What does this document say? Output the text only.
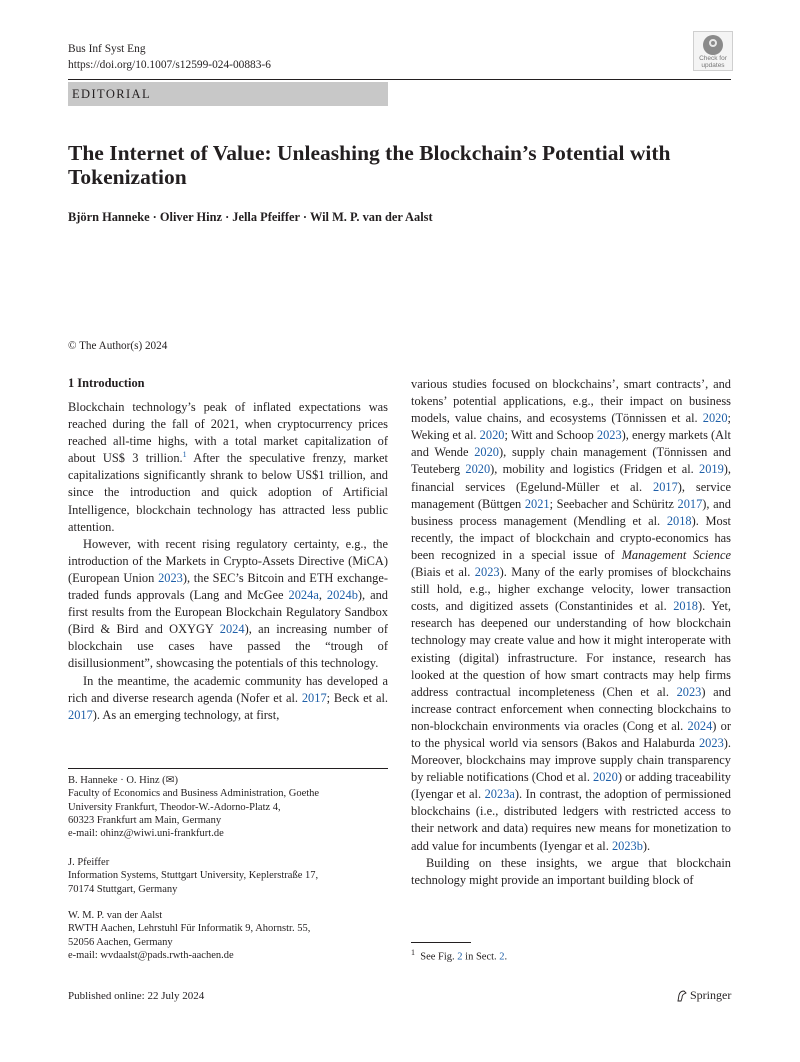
Bus Inf Syst Eng
https://doi.org/10.1007/s12599-024-00883-6	Check for
updates
EDITORIAL
The Internet of Value: Unleashing the Blockchain’s Potential with Tokenization
Björn Hanneke · Oliver Hinz · Jella Pfeiffer · Wil M. P. van der Aalst
© The Author(s) 2024
1 Introduction

Blockchain technology’s peak of inflated expectations was reached during the fall of 2021, when cryptocurrency prices reached all-time highs, with a total market capitalization of about US$ 3 trillion.$^1$ After the speculative frenzy, market capitalizations significantly shrank to below US$1 trillion, and since the introduction and quick adoption of Artificial Intelligence, blockchain technology has attracted less public attention.

However, with recent rising regulatory certainty, e.g., the introduction of the Markets in Crypto-Assets Directive (MiCA) (European Union 2023), the SEC’s Bitcoin and ETH exchange-traded funds approvals (Lang and McGee 2024a, 2024b), and first results from the European Blockchain Regulatory Sandbox (Bird & Bird and OXYGY 2024), an increasing number of blockchain use cases have passed the “trough of disillusionment”, showcasing the potentials of this technology.

In the meantime, the academic community has developed a rich and diverse research agenda (Nofer et al. 2017; Beck et al. 2017). As an emerging technology, at first,

B. Hanneke · O. Hinz (✉)
Faculty of Economics and Business Administration, Goethe
University Frankfurt, Theodor-W.-Adorno-Platz 4,
60323 Frankfurt am Main, Germany
e-mail: ohinz@wiwi.uni-frankfurt.de
J. Pfeiffer
Information Systems, Stuttgart University, Keplerstraße 17,
70174 Stuttgart, Germany
W. M. P. van der Aalst
RWTH Aachen, Lehrstuhl Für Informatik 9, Ahornstr. 55,
52056 Aachen, Germany
e-mail: wvdaalst@pads.rwth-aachen.de

various studies focused on blockchains’, smart contracts’, and tokens’ potential applications, e.g., their impact on business models, value chains, and ecosystems (Tönnissen et al. 2020; Weking et al. 2020; Witt and Schoop 2023), energy markets (Alt and Wende 2020), supply chain management (Tönnissen and Teuteberg 2020), mobility and logistics (Fridgen et al. 2019), financial services (Egelund-Müller et al. 2017), service management (Büttgen 2021; Seebacher and Schüritz 2017), and business process management (Mendling et al. 2018). Most recently, the impact of blockchain and crypto-economics has been recognized in a special issue of Management Science (Biais et al. 2023). Many of the early promises of blockchains still hold, e.g., higher exchange velocity, lower transaction costs, and digitized assets (Constantinides et al. 2018). Yet, research has deepened our understanding of how blockchain technology may create value and how it might interoperate with existing (digital) infrastructure. For instance, research has looked at the question of how smart contracts may help firms address contractual incompleteness (Chen et al. 2023) and increase contract enforcement when connecting blockchains to non-blockchain environments via oracles (Cong et al. 2024) or to the physical world via sensors (Bakos and Halaburda 2023). Moreover, blockchains may improve supply chain transparency by reliable notifications (Chod et al. 2020) or adding traceability (Iyengar et al. 2023a). In contrast, the adoption of permissioned blockchains (i.e., distributed ledgers with restricted access to their network and data) requires new means for monetization to add value for incumbents (Iyengar et al. 2023b).

Building on these insights, we argue that blockchain technology might provide an important building block of

$^1$ See Fig. 2 in Sect. 2.
Published online: 22 July 2024	Springer
